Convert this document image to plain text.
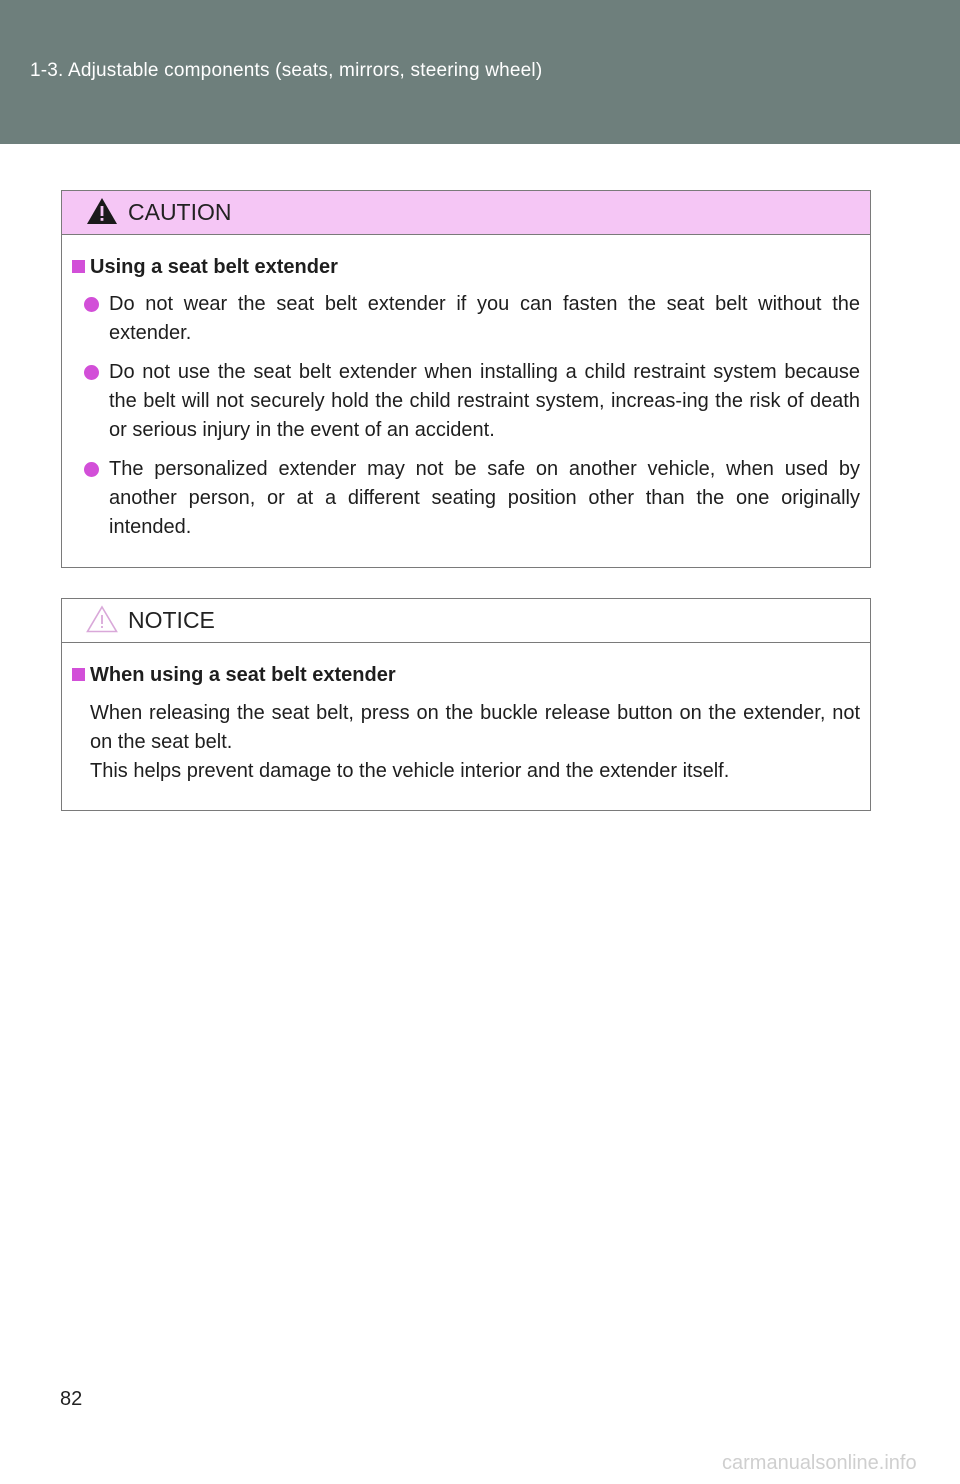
1-3. Adjustable components (seats, mirrors, steering wheel)
CAUTION
Using a seat belt extender
Do not wear the seat belt extender if you can fasten the seat belt without the extender.
Do not use the seat belt extender when installing a child restraint system because the belt will not securely hold the child restraint system, increas-ing the risk of death or serious injury in the event of an accident.
The personalized extender may not be safe on another vehicle, when used by another person, or at a different seating position other than the one originally intended.
NOTICE
When using a seat belt extender
When releasing the seat belt, press on the buckle release button on the extender, not on the seat belt.
This helps prevent damage to the vehicle interior and the extender itself.
82
carmanualsonline.info
